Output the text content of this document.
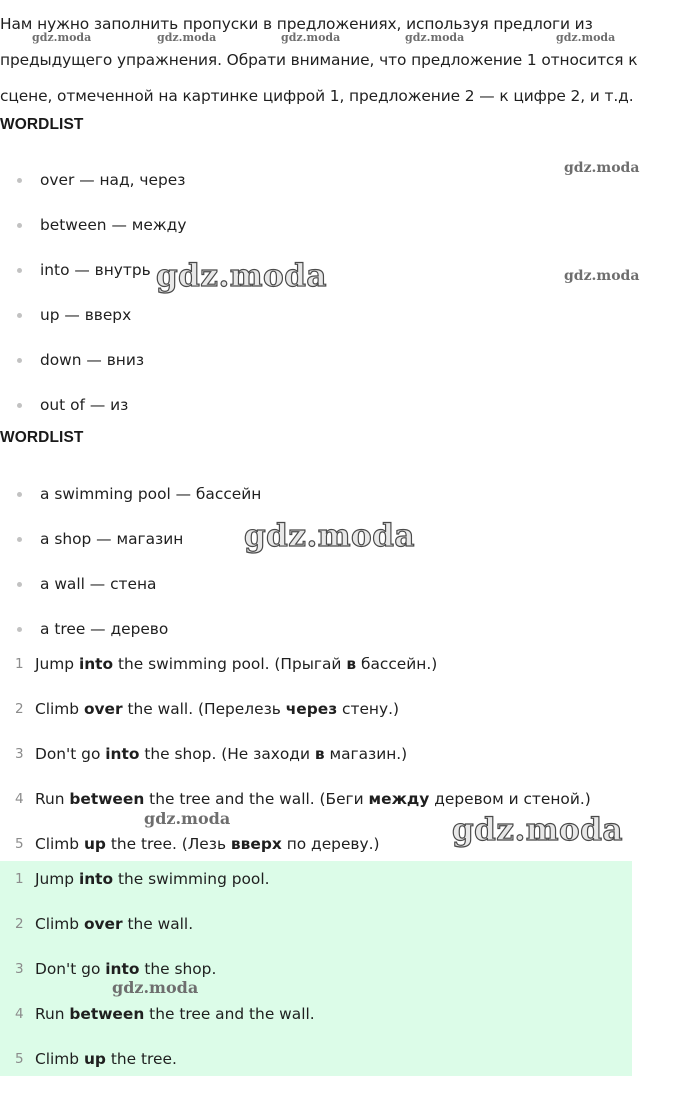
Нам нужно заполнить пропуски в предложениях, используя предлоги из предыдущего упражнения. Обрати внимание, что предложение 1 относится к сцене, отмеченной на картинке цифрой 1, предложение 2 — к цифре 2, и т.д.

WORDLIST
over — над, через
between — между
into — внутрь
up — вверх
down — вниз
out of — из
WORDLIST
a swimming pool — бассейн
a shop — магазин
a wall — стена
a tree — дерево
1 Jump into the swimming pool. (Прыгай в бассейн.)
2 Climb over the wall. (Перелезь через стену.)
3 Don't go into the shop. (Не заходи в магазин.)
4 Run between the tree and the wall. (Беги между деревом и стеной.)
5 Climb up the tree. (Лезь вверх по дереву.)
1 Jump into the swimming pool.
2 Climb over the wall.
3 Don't go into the shop.
4 Run between the tree and the wall.
5 Climb up the tree.
gdz.moda	gdz.moda	gdz.moda	gdz.moda	gdz.moda
gdz.moda
gdz.moda
gdz.moda
gdz.moda
gdz.moda	gdz.moda
gdz.moda
